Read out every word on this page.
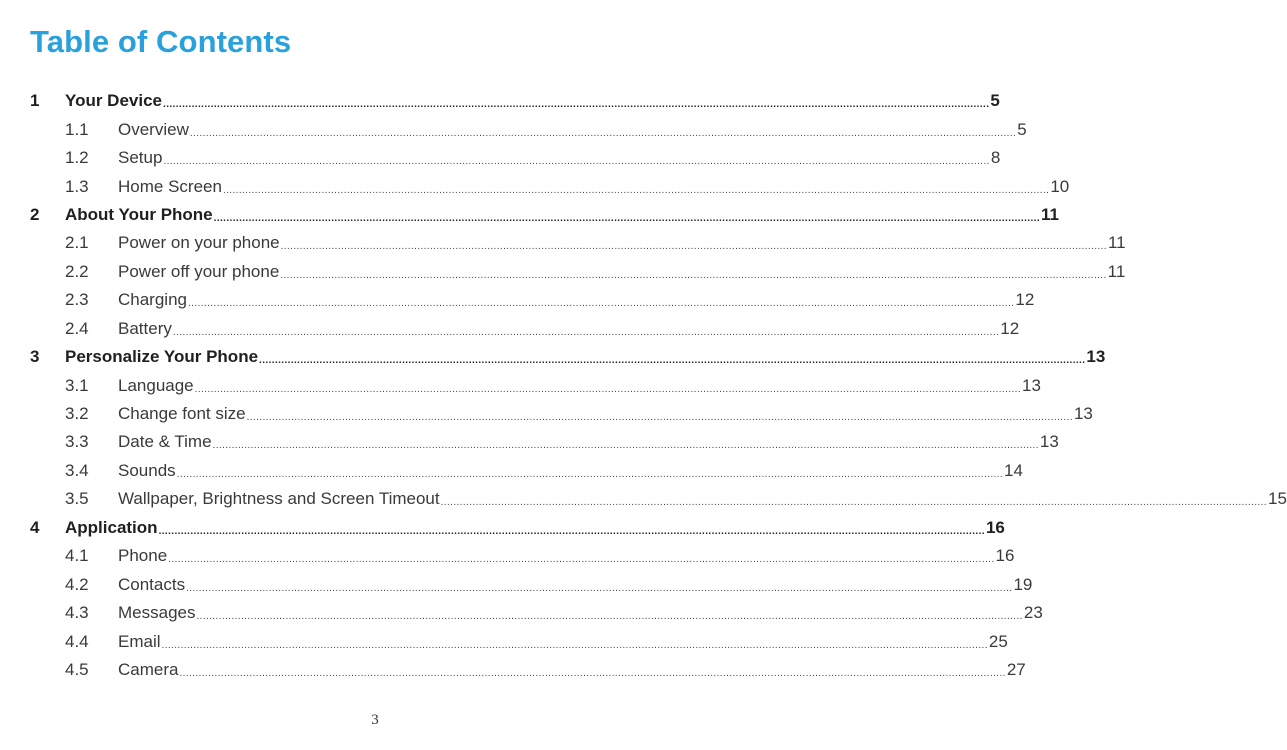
Table of Contents
1	Your Device .................................................................................................................................................................................................................................................................... 5
1.1	Overview .................................................................................................................................................................................................................................................................... 5
1.2	Setup .................................................................................................................................................................................................................................................................... 8
1.3	Home Screen .................................................................................................................................................................................................................................................................... 10
2	About Your Phone .................................................................................................................................................................................................................................................................... 11
2.1	Power on your phone .................................................................................................................................................................................................................................................................... 11
2.2	Power off your phone .................................................................................................................................................................................................................................................................... 11
2.3	Charging .................................................................................................................................................................................................................................................................... 12
2.4	Battery .................................................................................................................................................................................................................................................................... 12
3	Personalize Your Phone .................................................................................................................................................................................................................................................................... 13
3.1	Language .................................................................................................................................................................................................................................................................... 13
3.2	Change font size .................................................................................................................................................................................................................................................................... 13
3.3	Date & Time .................................................................................................................................................................................................................................................................... 13
3.4	Sounds .................................................................................................................................................................................................................................................................... 14
3.5	Wallpaper, Brightness and Screen Timeout .................................................................................................................................................................................................................................................................... 15
4	Application .................................................................................................................................................................................................................................................................... 16
4.1	Phone .................................................................................................................................................................................................................................................................... 16
4.2	Contacts .................................................................................................................................................................................................................................................................... 19
4.3	Messages .................................................................................................................................................................................................................................................................... 23
4.4	Email .................................................................................................................................................................................................................................................................... 25
4.5	Camera .................................................................................................................................................................................................................................................................... 27
3
